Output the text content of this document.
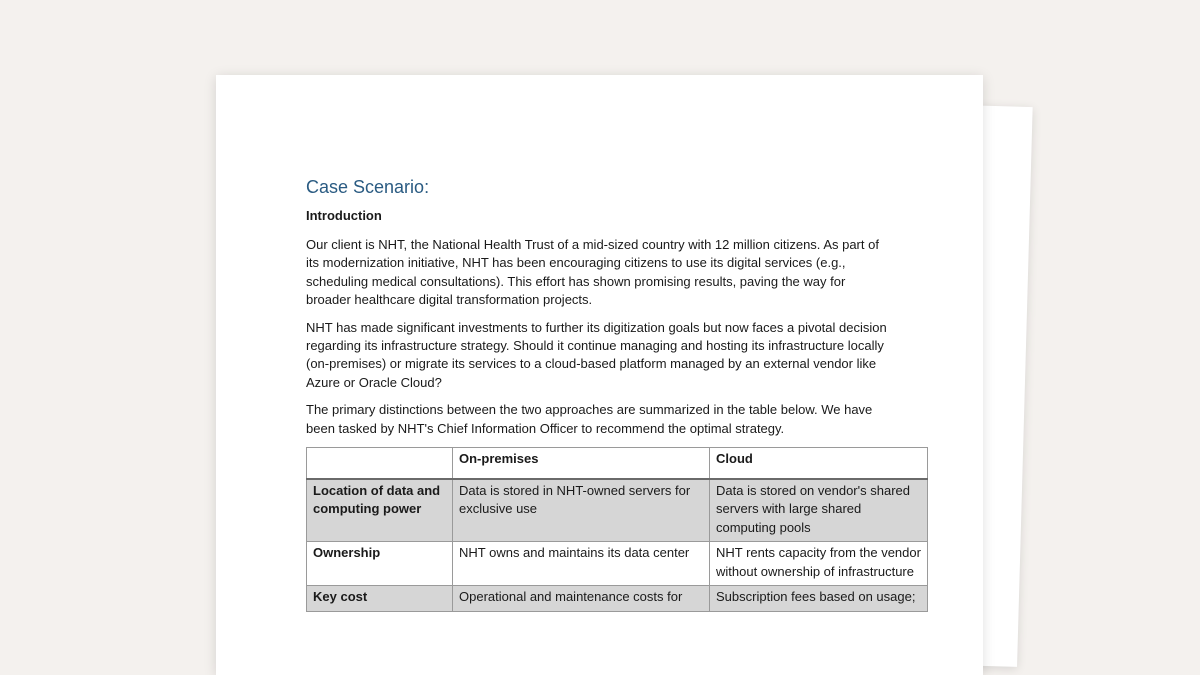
Case Scenario:
Introduction

Our client is NHT, the National Health Trust of a mid-sized country with 12 million citizens. As part of its modernization initiative, NHT has been encouraging citizens to use its digital services (e.g., scheduling medical consultations). This effort has shown promising results, paving the way for broader healthcare digital transformation projects.

NHT has made significant investments to further its digitization goals but now faces a pivotal decision regarding its infrastructure strategy. Should it continue managing and hosting its infrastructure locally (on-premises) or migrate its services to a cloud-based platform managed by an external vendor like Azure or Oracle Cloud?

The primary distinctions between the two approaches are summarized in the table below. We have been tasked by NHT's Chief Information Officer to recommend the optimal strategy.

	On-premises	Cloud
Location of data and computing power	Data is stored in NHT-owned servers for exclusive use	Data is stored on vendor's shared servers with large shared computing pools
Ownership	NHT owns and maintains its data center	NHT rents capacity from the vendor without ownership of infrastructure
Key cost	Operational and maintenance costs for	Subscription fees based on usage;
